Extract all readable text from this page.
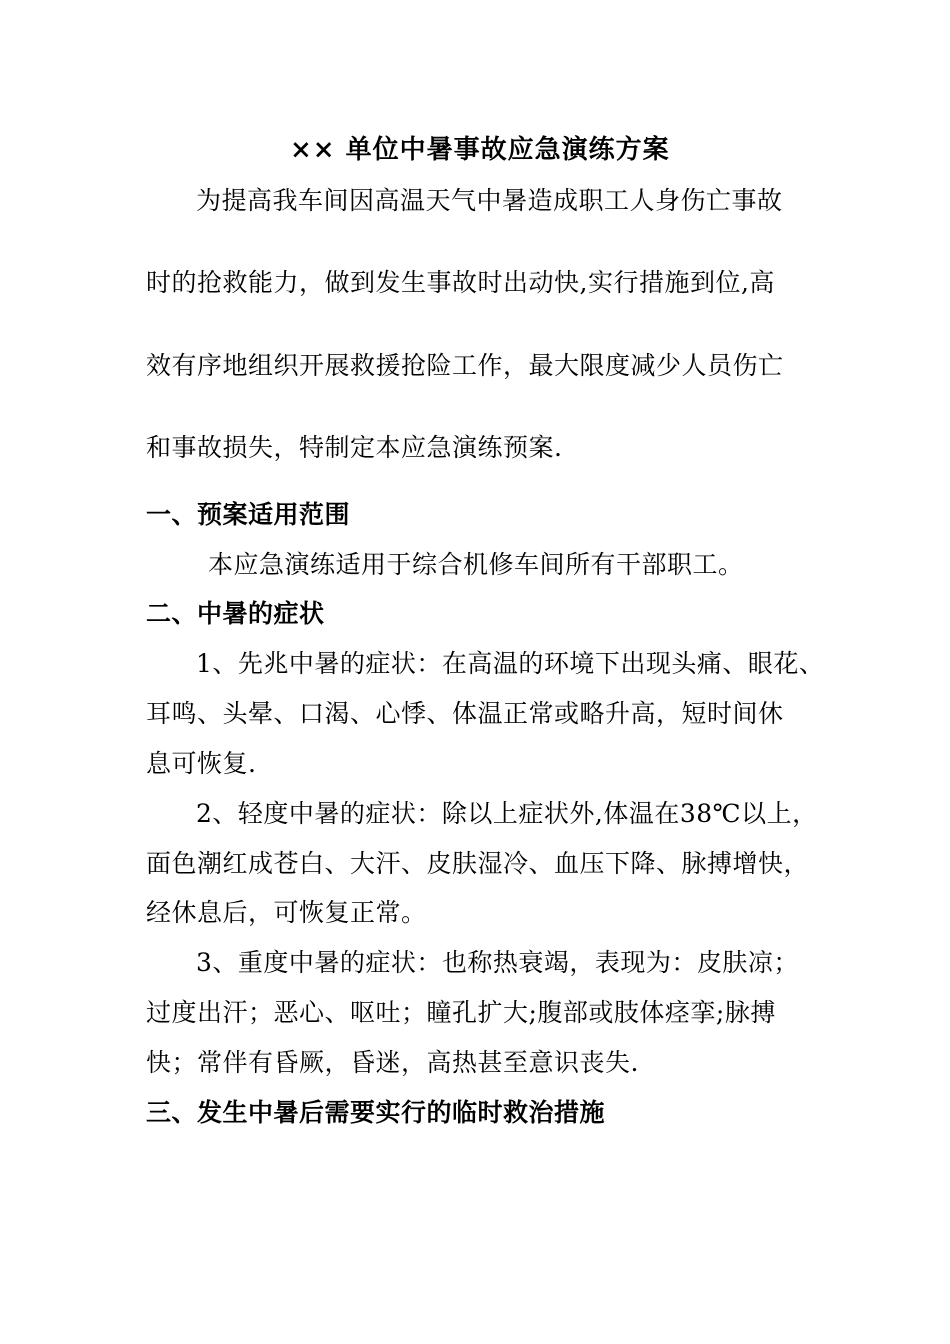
×× 单位中暑事故应急演练方案
为提高我车间因高温天气中暑造成职工人身伤亡事故
时的抢救能力，做到发生事故时出动快,实行措施到位,高
效有序地组织开展救援抢险工作，最大限度减少人员伤亡
和事故损失，特制定本应急演练预案.
一、预案适用范围
本应急演练适用于综合机修车间所有干部职工。
二、中暑的症状
1、先兆中暑的症状：在高温的环境下出现头痛、眼花、
耳鸣、头晕、口渴、心悸、体温正常或略升高，短时间休
息可恢复.
2、轻度中暑的症状：除以上症状外,体温在38℃以上，
面色潮红成苍白、大汗、皮肤湿冷、血压下降、脉搏增快，
经休息后，可恢复正常。
3、重度中暑的症状：也称热衰竭，表现为：皮肤凉；
过度出汗；恶心、呕吐；瞳孔扩大;腹部或肢体痉挛;脉搏
快；常伴有昏厥，昏迷，高热甚至意识丧失.
三、发生中暑后需要实行的临时救治措施
